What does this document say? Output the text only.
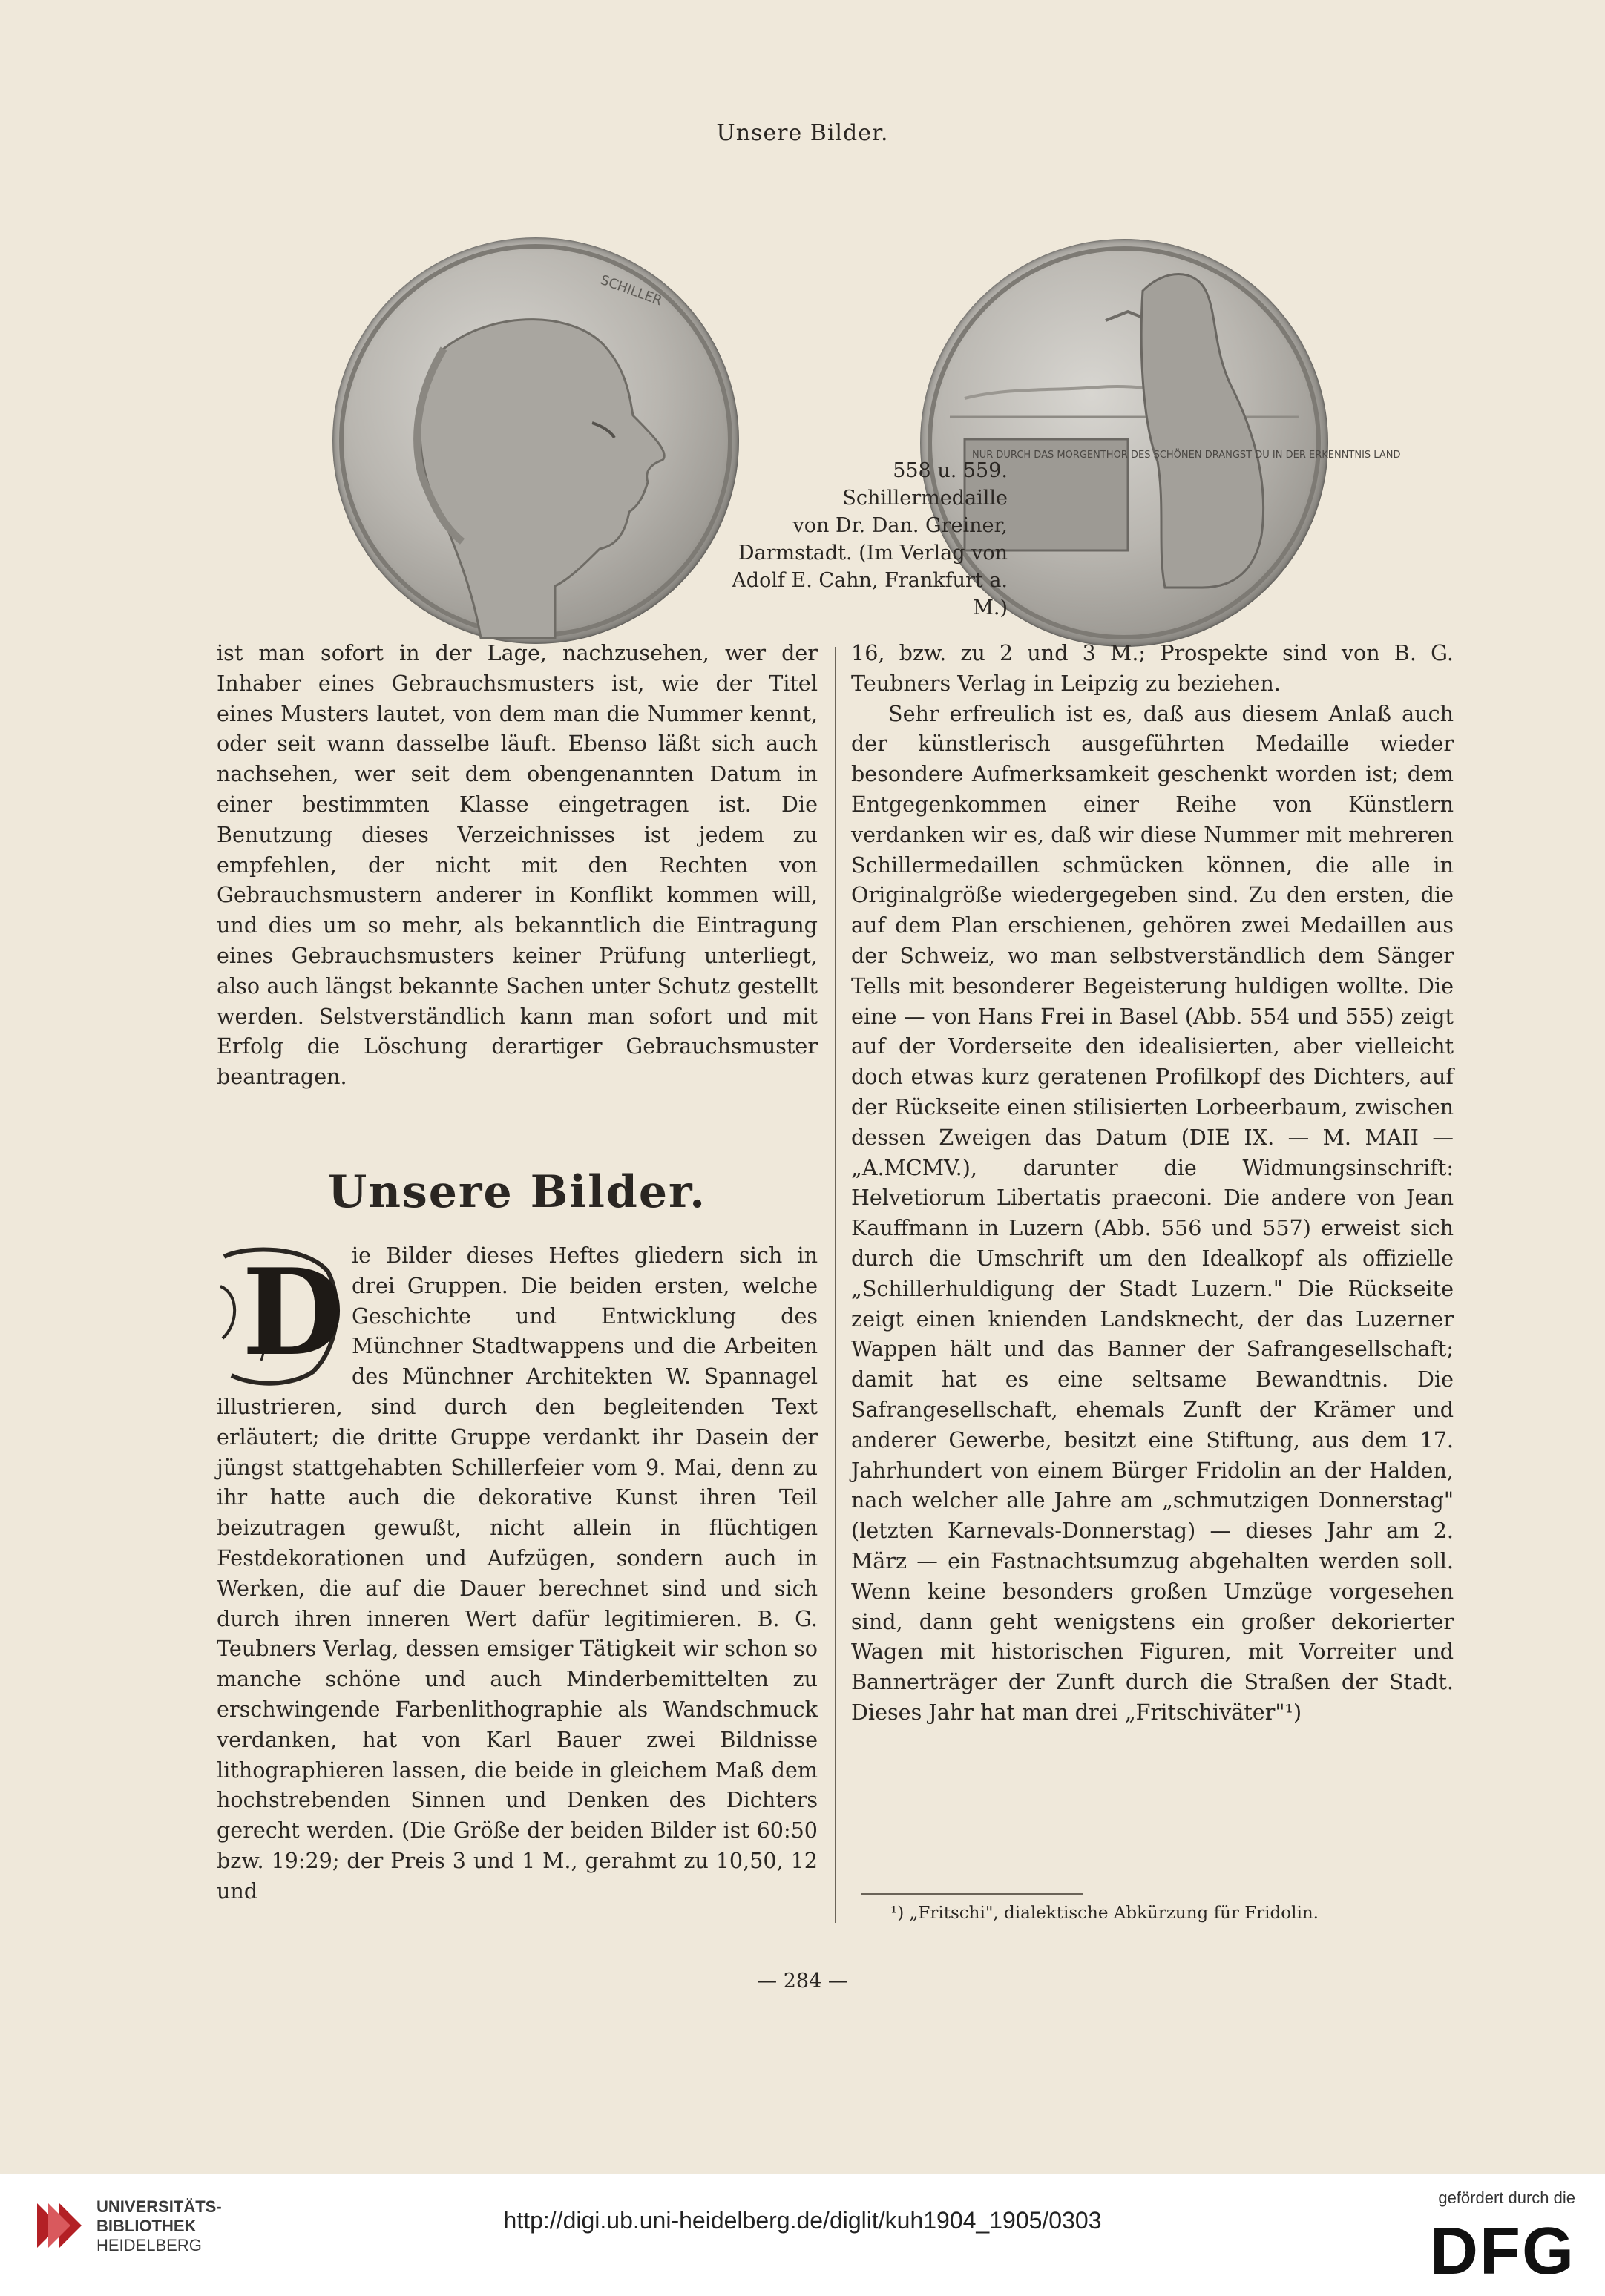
Unsere Bilder.
SCHILLER
NUR DURCH DAS MORGENTHOR DES SCHÖNEN DRANGST DU IN DER ERKENNTNIS LAND
558 u. 559.
Schillermedaille
von Dr. Dan. Greiner,
Darmstadt. (Im Verlag von
Adolf E. Cahn, Frankfurt a. M.)

ist man sofort in der Lage, nachzusehen, wer der Inhaber eines Gebrauchsmusters ist, wie der Titel eines Musters lautet, von dem man die Nummer kennt, oder seit wann dasselbe läuft. Ebenso läßt sich auch nachsehen, wer seit dem obengenannten Datum in einer bestimmten Klasse eingetragen ist. Die Benutzung dieses Verzeichnisses ist jedem zu empfehlen, der nicht mit den Rechten von Gebrauchsmustern anderer in Konflikt kommen will, und dies um so mehr, als bekanntlich die Eintragung eines Gebrauchsmusters keiner Prüfung unterliegt, also auch längst bekannte Sachen unter Schutz gestellt werden. Selstverständlich kann man sofort und mit Erfolg die Löschung derartiger Gebrauchsmuster beantragen.

Unsere Bilder.
D ie Bilder dieses Heftes gliedern sich in drei Gruppen. Die beiden ersten, welche Geschichte und Entwicklung des Münchner Stadtwappens und die Arbeiten des Münchner Architekten W. Spannagel illustrieren, sind durch den begleitenden Text erläutert; die dritte Gruppe verdankt ihr Dasein der jüngst stattgehabten Schillerfeier vom 9. Mai, denn zu ihr hatte auch die dekorative Kunst ihren Teil beizutragen gewußt, nicht allein in flüchtigen Festdekorationen und Aufzügen, sondern auch in Werken, die auf die Dauer berechnet sind und sich durch ihren inneren Wert dafür legitimieren. B. G. Teubners Verlag, dessen emsiger Tätigkeit wir schon so manche schöne und auch Minderbemittelten zu erschwingende Farbenlithographie als Wandschmuck verdanken, hat von Karl Bauer zwei Bildnisse lithographieren lassen, die beide in gleichem Maß dem hochstrebenden Sinnen und Denken des Dichters gerecht werden. (Die Größe der beiden Bilder ist 60:50 bzw. 19:29; der Preis 3 und 1 M., gerahmt zu 10,50, 12 und

16, bzw. zu 2 und 3 M.; Prospekte sind von B. G. Teubners Verlag in Leipzig zu beziehen.

Sehr erfreulich ist es, daß aus diesem Anlaß auch der künstlerisch ausgeführten Medaille wieder besondere Aufmerksamkeit geschenkt worden ist; dem Entgegenkommen einer Reihe von Künstlern verdanken wir es, daß wir diese Nummer mit mehreren Schillermedaillen schmücken können, die alle in Originalgröße wiedergegeben sind. Zu den ersten, die auf dem Plan erschienen, gehören zwei Medaillen aus der Schweiz, wo man selbstverständlich dem Sänger Tells mit besonderer Begeisterung huldigen wollte. Die eine — von Hans Frei in Basel (Abb. 554 und 555) zeigt auf der Vorderseite den idealisierten, aber vielleicht doch etwas kurz geratenen Profilkopf des Dichters, auf der Rückseite einen stilisierten Lorbeerbaum, zwischen dessen Zweigen das Datum (DIE IX. — M. MAII — „A.MCMV.), darunter die Widmungsinschrift: Helvetiorum Libertatis praeconi. Die andere von Jean Kauffmann in Luzern (Abb. 556 und 557) erweist sich durch die Umschrift um den Idealkopf als offizielle „Schillerhuldigung der Stadt Luzern." Die Rückseite zeigt einen knienden Landsknecht, der das Luzerner Wappen hält und das Banner der Safrangesellschaft; damit hat es eine seltsame Bewandtnis. Die Safrangesellschaft, ehemals Zunft der Krämer und anderer Gewerbe, besitzt eine Stiftung, aus dem 17. Jahrhundert von einem Bürger Fridolin an der Halden, nach welcher alle Jahre am „schmutzigen Donnerstag" (letzten Karnevals-Donnerstag) — dieses Jahr am 2. März — ein Fastnachtsumzug abgehalten werden soll. Wenn keine besonders großen Umzüge vorgesehen sind, dann geht wenigstens ein großer dekorierter Wagen mit historischen Figuren, mit Vorreiter und Bannerträger der Zunft durch die Straßen der Stadt. Dieses Jahr hat man drei „Fritschiväter"¹)

¹) „Fritschi", dialektische Abkürzung für Fridolin.
— 284 —
UNIVERSITÄTS-
BIBLIOTHEK
HEIDELBERG
http://digi.ub.uni-heidelberg.de/diglit/kuh1904_1905/0303
gefördert durch die
DFG
